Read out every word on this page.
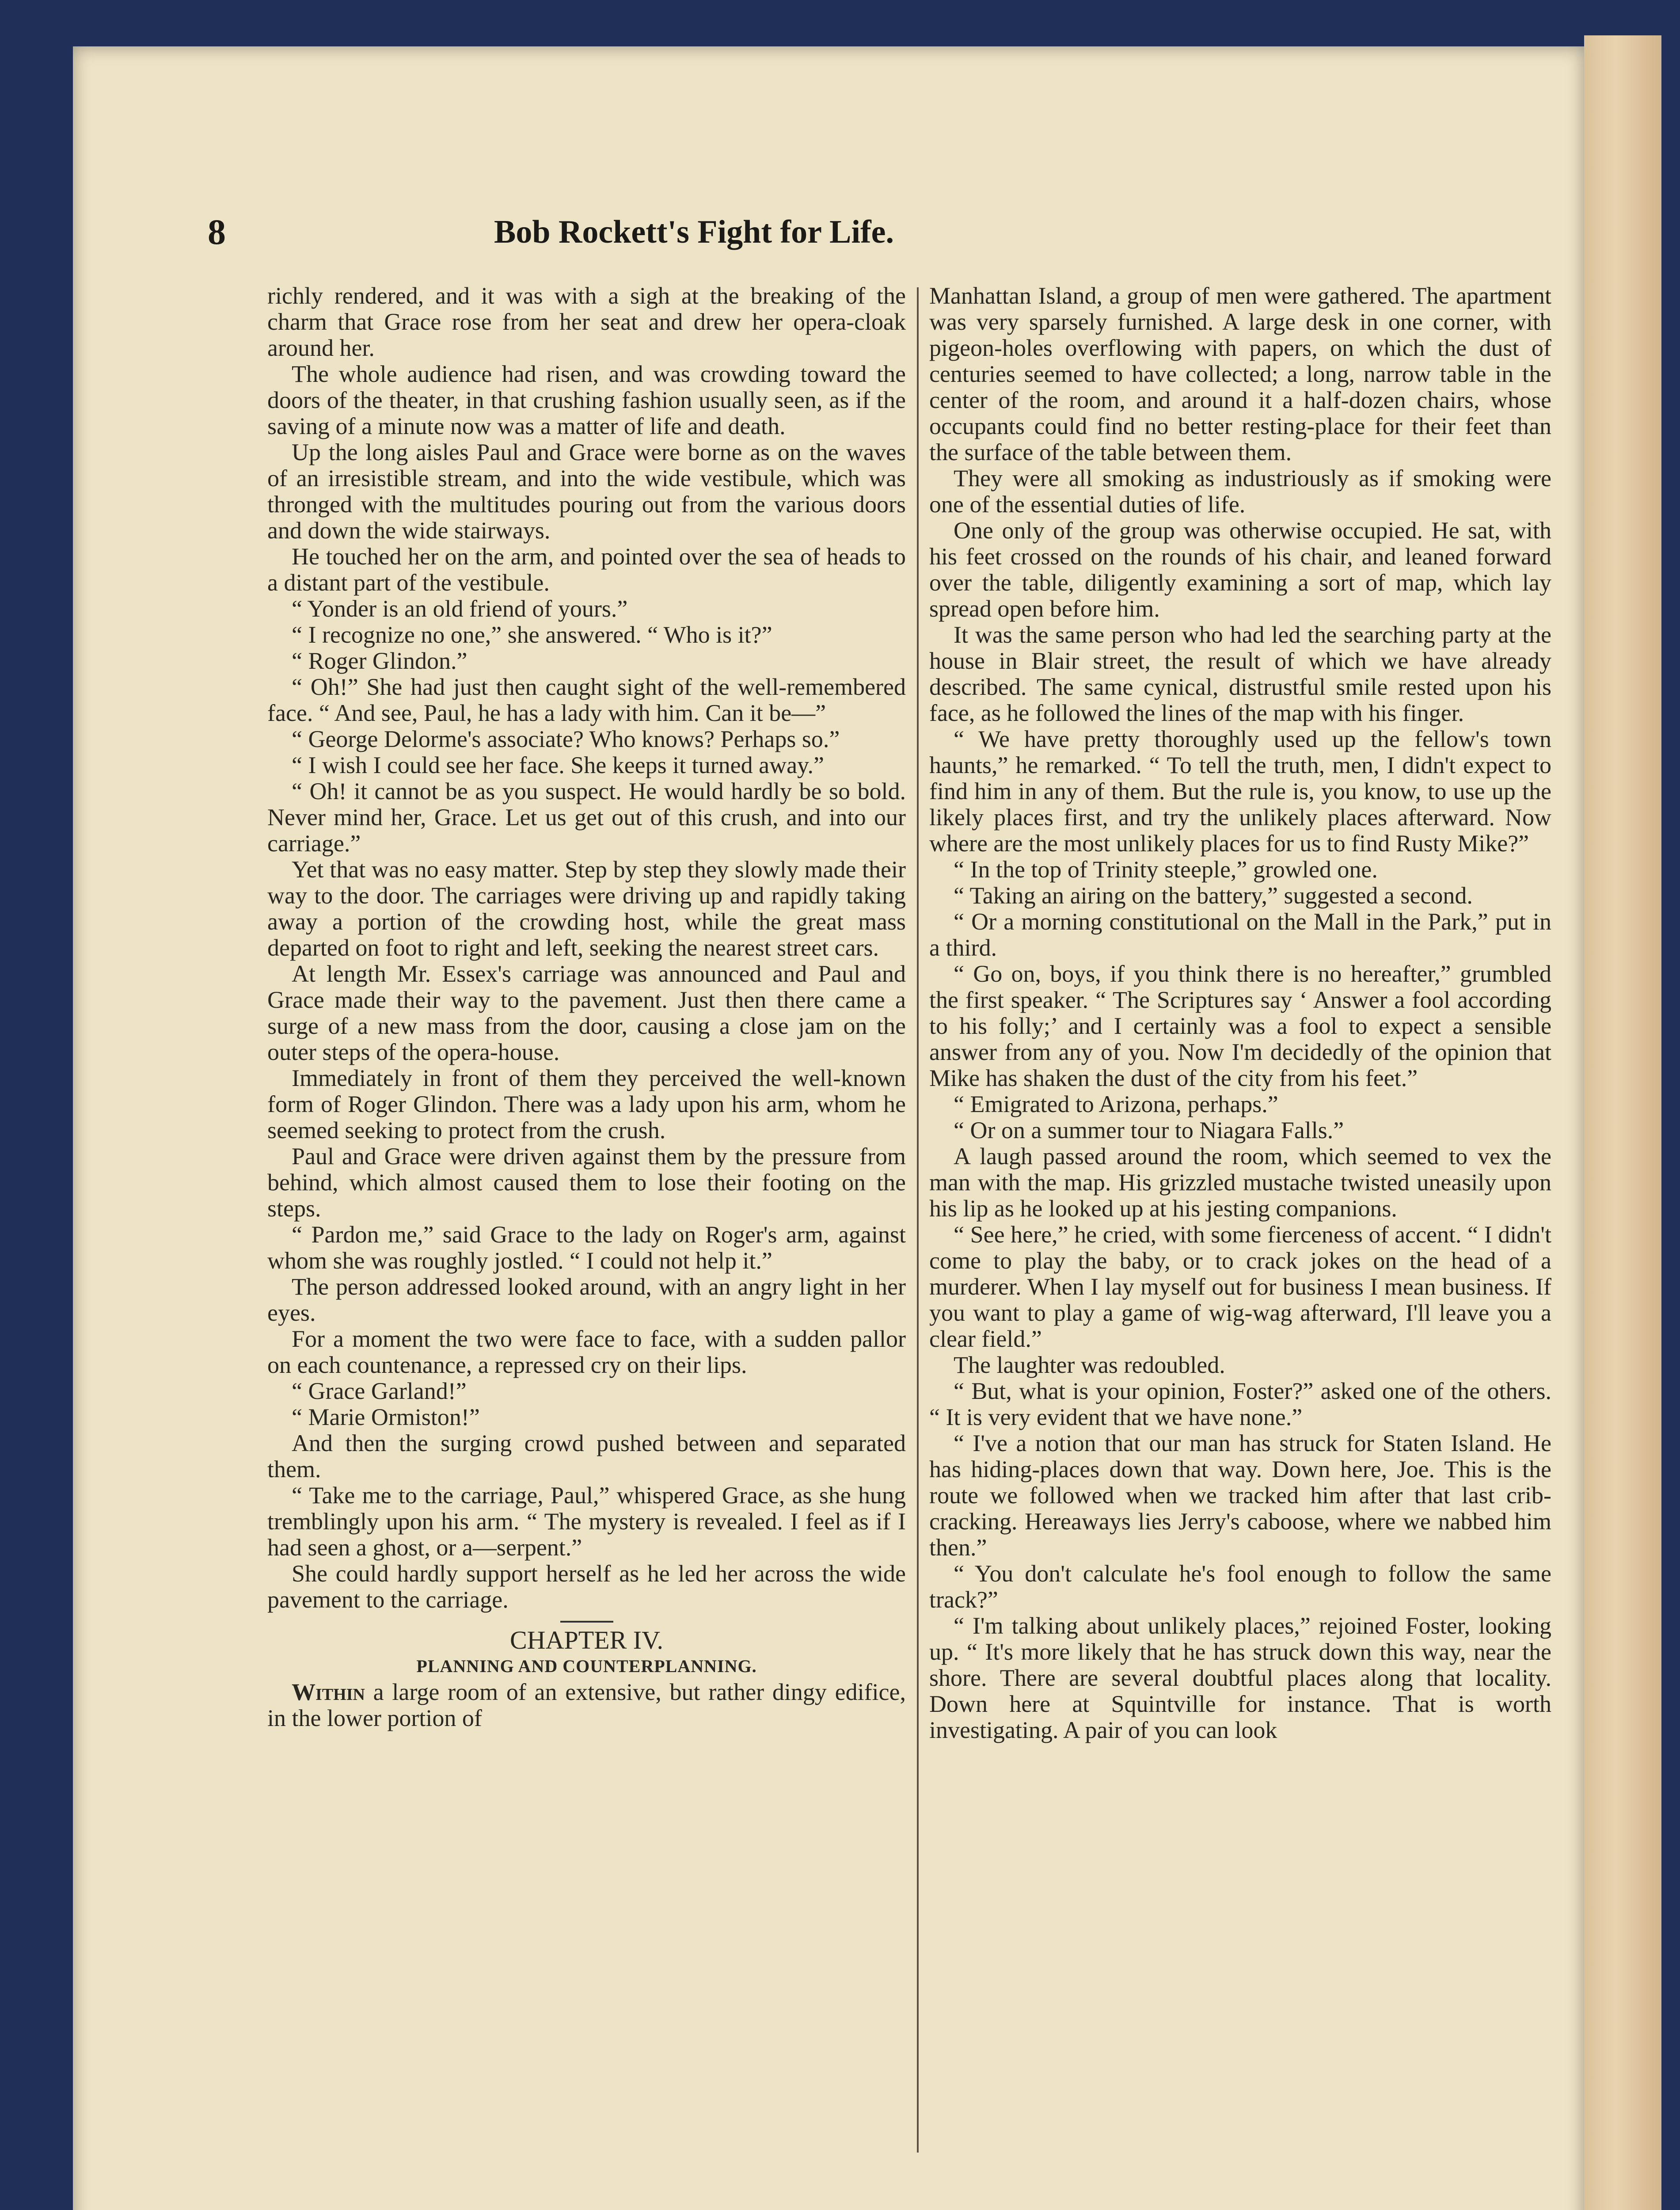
8	Bob Rockett's Fight for Life.

richly rendered, and it was with a sigh at the breaking of the charm that Grace rose from her seat and drew her opera-cloak around her.

The whole audience had risen, and was crowding toward the doors of the theater, in that crushing fashion usually seen, as if the saving of a minute now was a matter of life and death.

Up the long aisles Paul and Grace were borne as on the waves of an irresistible stream, and into the wide vestibule, which was thronged with the multitudes pouring out from the various doors and down the wide stairways.

He touched her on the arm, and pointed over the sea of heads to a distant part of the vestibule.

“ Yonder is an old friend of yours.”

“ I recognize no one,” she answered. “ Who is it?”

“ Roger Glindon.”

“ Oh!” She had just then caught sight of the well-remembered face. “ And see, Paul, he has a lady with him. Can it be—”

“ George Delorme's associate? Who knows? Perhaps so.”

“ I wish I could see her face. She keeps it turned away.”

“ Oh! it cannot be as you suspect. He would hardly be so bold. Never mind her, Grace. Let us get out of this crush, and into our carriage.”

Yet that was no easy matter. Step by step they slowly made their way to the door. The carriages were driving up and rapidly taking away a portion of the crowding host, while the great mass departed on foot to right and left, seeking the nearest street cars.

At length Mr. Essex's carriage was announced and Paul and Grace made their way to the pavement. Just then there came a surge of a new mass from the door, causing a close jam on the outer steps of the opera-house.

Immediately in front of them they perceived the well-known form of Roger Glindon. There was a lady upon his arm, whom he seemed seeking to protect from the crush.

Paul and Grace were driven against them by the pressure from behind, which almost caused them to lose their footing on the steps.

“ Pardon me,” said Grace to the lady on Roger's arm, against whom she was roughly jostled. “ I could not help it.”

The person addressed looked around, with an angry light in her eyes.

For a moment the two were face to face, with a sudden pallor on each countenance, a repressed cry on their lips.

“ Grace Garland!”

“ Marie Ormiston!”

And then the surging crowd pushed between and separated them.

“ Take me to the carriage, Paul,” whispered Grace, as she hung tremblingly upon his arm. “ The mystery is revealed. I feel as if I had seen a ghost, or a—serpent.”

She could hardly support herself as he led her across the wide pavement to the carriage.

CHAPTER IV.
PLANNING AND COUNTERPLANNING.

Within a large room of an extensive, but rather dingy edifice, in the lower portion of

Manhattan Island, a group of men were gathered. The apartment was very sparsely furnished. A large desk in one corner, with pigeon-holes overflowing with papers, on which the dust of centuries seemed to have collected; a long, narrow table in the center of the room, and around it a half-dozen chairs, whose occupants could find no better resting-place for their feet than the surface of the table between them.

They were all smoking as industriously as if smoking were one of the essential duties of life.

One only of the group was otherwise occupied. He sat, with his feet crossed on the rounds of his chair, and leaned forward over the table, diligently examining a sort of map, which lay spread open before him.

It was the same person who had led the searching party at the house in Blair street, the result of which we have already described. The same cynical, distrustful smile rested upon his face, as he followed the lines of the map with his finger.

“ We have pretty thoroughly used up the fellow's town haunts,” he remarked. “ To tell the truth, men, I didn't expect to find him in any of them. But the rule is, you know, to use up the likely places first, and try the unlikely places afterward. Now where are the most unlikely places for us to find Rusty Mike?”

“ In the top of Trinity steeple,” growled one.

“ Taking an airing on the battery,” suggested a second.

“ Or a morning constitutional on the Mall in the Park,” put in a third.

“ Go on, boys, if you think there is no hereafter,” grumbled the first speaker. “ The Scriptures say ‘ Answer a fool according to his folly;’ and I certainly was a fool to expect a sensible answer from any of you. Now I'm decidedly of the opinion that Mike has shaken the dust of the city from his feet.”

“ Emigrated to Arizona, perhaps.”

“ Or on a summer tour to Niagara Falls.”

A laugh passed around the room, which seemed to vex the man with the map. His grizzled mustache twisted uneasily upon his lip as he looked up at his jesting companions.

“ See here,” he cried, with some fierceness of accent. “ I didn't come to play the baby, or to crack jokes on the head of a murderer. When I lay myself out for business I mean business. If you want to play a game of wig-wag afterward, I'll leave you a clear field.”

The laughter was redoubled.

“ But, what is your opinion, Foster?” asked one of the others. “ It is very evident that we have none.”

“ I've a notion that our man has struck for Staten Island. He has hiding-places down that way. Down here, Joe. This is the route we followed when we tracked him after that last crib-cracking. Hereaways lies Jerry's caboose, where we nabbed him then.”

“ You don't calculate he's fool enough to follow the same track?”

“ I'm talking about unlikely places,” rejoined Foster, looking up. “ It's more likely that he has struck down this way, near the shore. There are several doubtful places along that locality. Down here at Squintville for instance. That is worth investigating. A pair of you can look
